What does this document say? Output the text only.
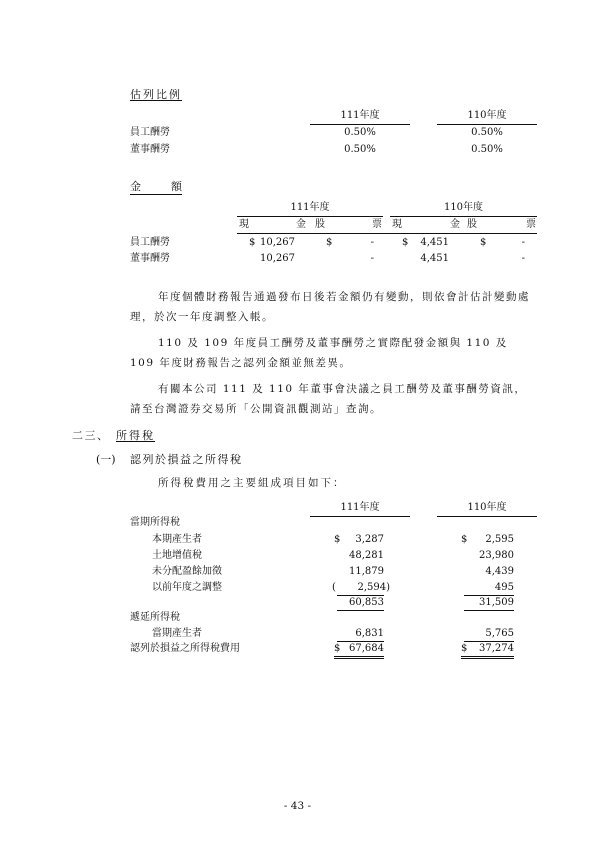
估列比例
111年度	110年度
員工酬勞	0.50%	0.50%
董事酬勞	0.50%	0.50%
金	額
111年度	110年度
現	金 股	票 現	金 股	票
員工酬勞	$ 10,267	$	-	$	4,451	$	-
董事酬勞	10,267	-	4,451	-
年度個體財務報告通過發布日後若金額仍有變動，則依會計估計變動處理，於次一年度調整入帳。
110 及 109 年度員工酬勞及董事酬勞之實際配發金額與 110 及 109 年度財務報告之認列金額並無差異。
有關本公司 111 及 110 年董事會決議之員工酬勞及董事酬勞資訊，請至台灣證券交易所「公開資訊觀測站」查詢。
二三、 所得稅
(一) 認列於損益之所得稅
所得稅費用之主要組成項目如下：
111年度	110年度
當期所得稅
本期產生者	$	3,287	$	2,595
土地增值稅	48,281	23,980
未分配盈餘加徵	11,879	4,439
以前年度之調整	(	2,594)	495
60,853	31,509
遞延所得稅
當期產生者	6,831	5,765
認列於損益之所得稅費用	$ 67,684	$	37,274
- 43 -
